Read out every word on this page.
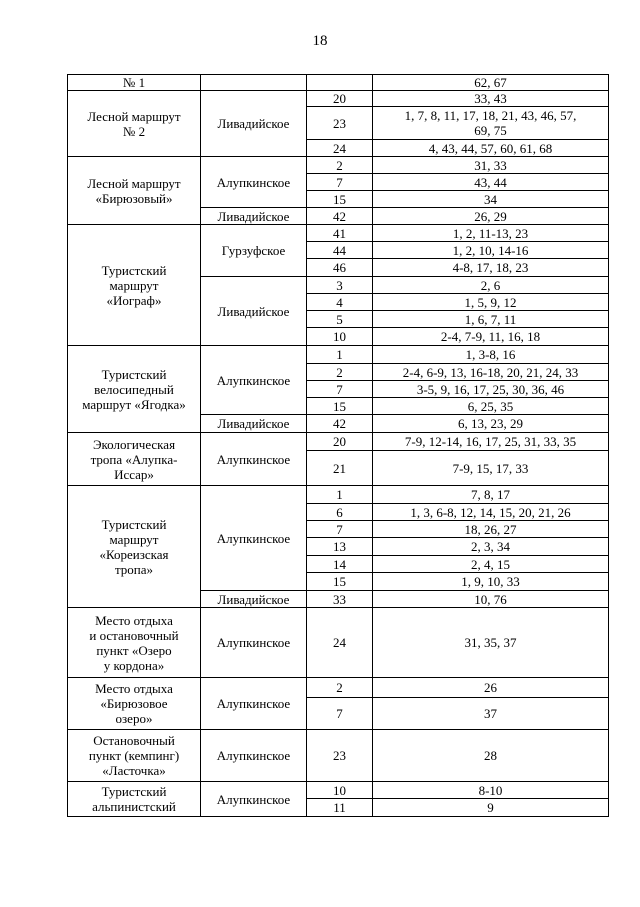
18
№ 1			62, 67

Лесной маршрут
№ 2	Ливадийское	20	33, 43

		23	1, 7, 8, 11, 17, 18, 21, 43, 46, 57,
69, 75

		24	4, 43, 44, 57, 60, 61, 68

Лесной маршрут
«Бирюзовый»	Алупкинское	2	31, 33

		7	43, 44

		15	34

	Ливадийское	42	26, 29

Туристский
маршрут
«Иограф»	Гурзуфское	41	1, 2, 11-13, 23

		44	1, 2, 10, 14-16

		46	4-8, 17, 18, 23

	Ливадийское	3	2, 6

		4	1, 5, 9, 12

		5	1, 6, 7, 11

		10	2-4, 7-9, 11, 16, 18

Туристский
велосипедный
маршрут «Ягодка»	Алупкинское	1	1, 3-8, 16

		2	2-4, 6-9, 13, 16-18, 20, 21, 24, 33

		7	3-5, 9, 16, 17, 25, 30, 36, 46

		15	6, 25, 35

	Ливадийское	42	6, 13, 23, 29

Экологическая
тропа «Алупка-
Иссар»	Алупкинское	20	7-9, 12-14, 16, 17, 25, 31, 33, 35

		21	7-9, 15, 17, 33

Туристский
маршрут
«Кореизская
тропа»	Алупкинское	1	7, 8, 17

		6	1, 3, 6-8, 12, 14, 15, 20, 21, 26

		7	18, 26, 27

		13	2, 3, 34

		14	2, 4, 15

		15	1, 9, 10, 33

	Ливадийское	33	10, 76

Место отдыха
и остановочный
пункт «Озеро
у кордона»	Алупкинское	24	31, 35, 37

Место отдыха
«Бирюзовое
озеро»	Алупкинское	2	26

		7	37

Остановочный
пункт (кемпинг)
«Ласточка»	Алупкинское	23	28

Туристский
альпинистский	Алупкинское	10	8-10

		11	9
